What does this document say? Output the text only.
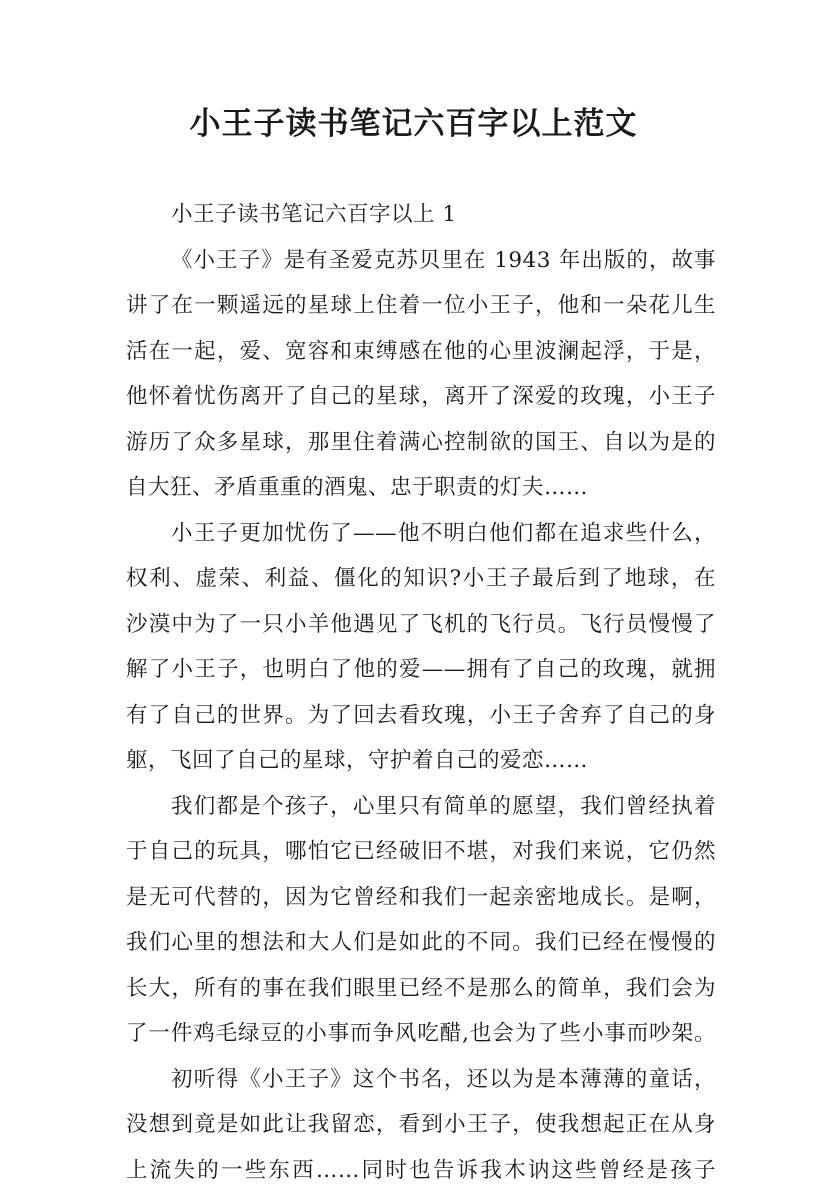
小王子读书笔记六百字以上范文
小王子读书笔记六百字以上 1
《小王子》是有圣爱克苏贝里在 1943 年出版的，故事
讲了在一颗遥远的星球上住着一位小王子，他和一朵花儿生
活在一起，爱、宽容和束缚感在他的心里波澜起浮，于是，
他怀着忧伤离开了自己的星球，离开了深爱的玫瑰，小王子
游历了众多星球，那里住着满心控制欲的国王、自以为是的
自大狂、矛盾重重的酒鬼、忠于职责的灯夫……
小王子更加忧伤了——他不明白他们都在追求些什么，
权利、虚荣、利益、僵化的知识?小王子最后到了地球，在
沙漠中为了一只小羊他遇见了飞机的飞行员。飞行员慢慢了
解了小王子，也明白了他的爱——拥有了自己的玫瑰，就拥
有了自己的世界。为了回去看玫瑰，小王子舍弃了自己的身
躯，飞回了自己的星球，守护着自己的爱恋……
我们都是个孩子，心里只有简单的愿望，我们曾经执着
于自己的玩具，哪怕它已经破旧不堪，对我们来说，它仍然
是无可代替的，因为它曾经和我们一起亲密地成长。是啊，
我们心里的想法和大人们是如此的不同。我们已经在慢慢的
长大，所有的事在我们眼里已经不是那么的简单，我们会为
了一件鸡毛绿豆的小事而争风吃醋,也会为了些小事而吵架。
初听得《小王子》这个书名，还以为是本薄薄的童话，
没想到竟是如此让我留恋，看到小王子，使我想起正在从身
上流失的一些东西……同时也告诉我木讷这些曾经是孩子
